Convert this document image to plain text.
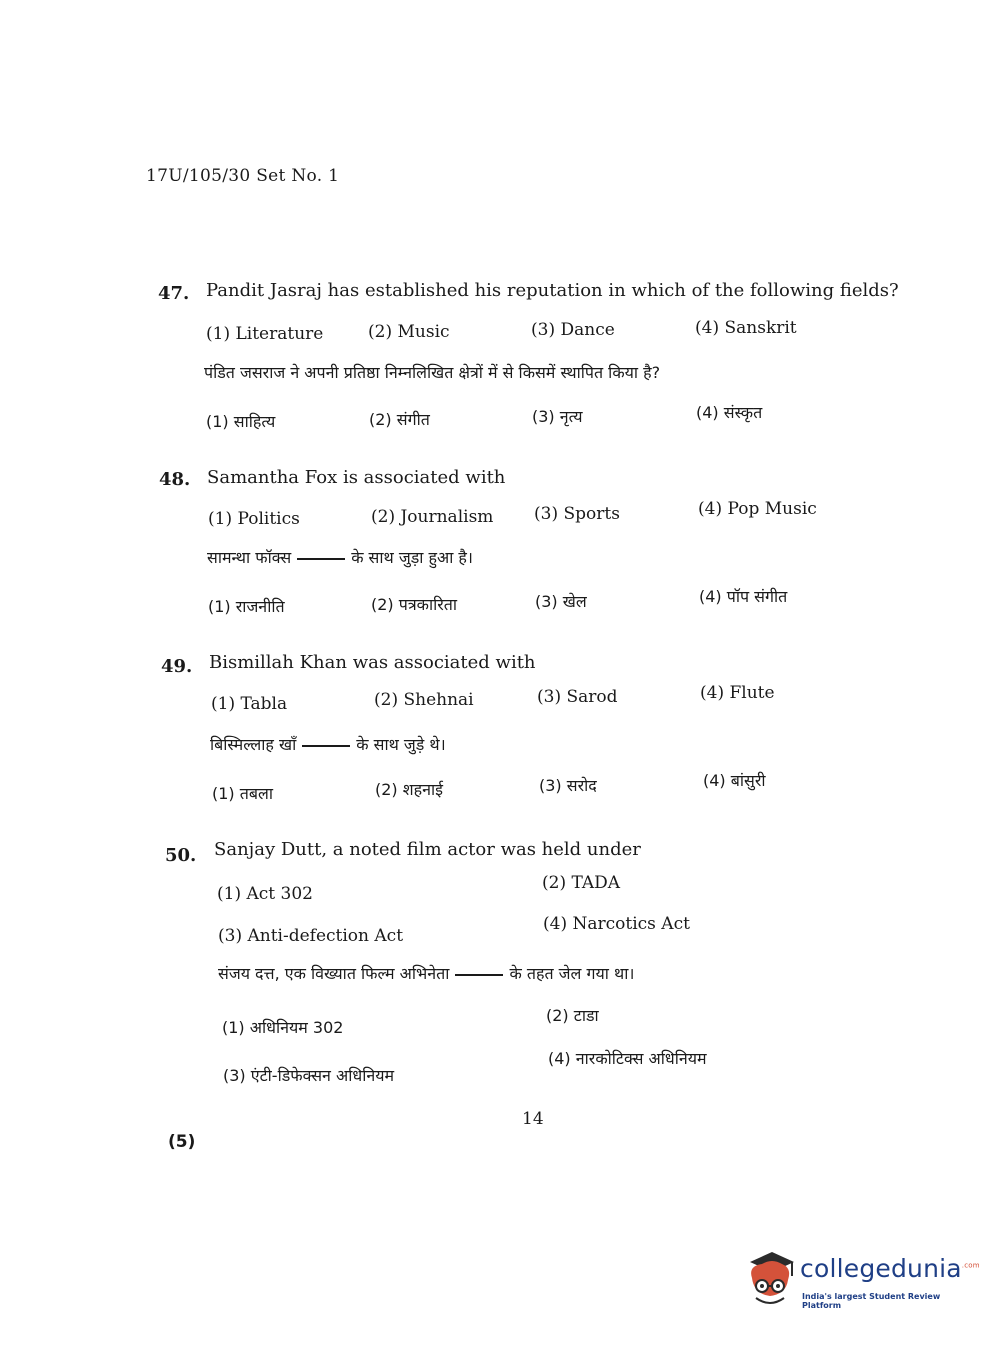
17U/105/30 Set No. 1
47. Pandit Jasraj has established his reputation in which of the following fields?
(1) Literature	(2) Music	(3) Dance	(4) Sanskrit
पंडित जसराज ने अपनी प्रतिष्ठा निम्नलिखित क्षेत्रों में से किसमें स्थापित किया है?
(1) साहित्य	(2) संगीत	(3) नृत्य	(4) संस्कृत
48. Samantha Fox is associated with
(1) Politics	(2) Journalism (3) Sports	(4) Pop Music
सामन्था फॉक्स	के साथ जुड़ा हुआ है।
(1) राजनीति	(2) पत्रकारिता	(3) खेल	(4) पॉप संगीत
49. Bismillah Khan was associated with
(1) Tabla	(2) Shehnai	(3) Sarod	(4) Flute
बिस्मिल्लाह खाँ	के साथ जुड़े थे।
(1) तबला	(2) शहनाई	(3) सरोद	(4) बांसुरी
50. Sanjay Dutt, a noted film actor was held under
(1) Act 302
(2) TADA
(3) Anti-defection Act
(4) Narcotics Act
संजय दत्त, एक विख्यात फिल्म अभिनेता	के तहत जेल गया था।
(1) अधिनियम 302
(2) टाडा
(3) एंटी-डिफेक्सन अधिनियम
(4) नारकोटिक्स अधिनियम
14
(5)
collegedunia$^{.com}$
India's largest Student Review Platform
